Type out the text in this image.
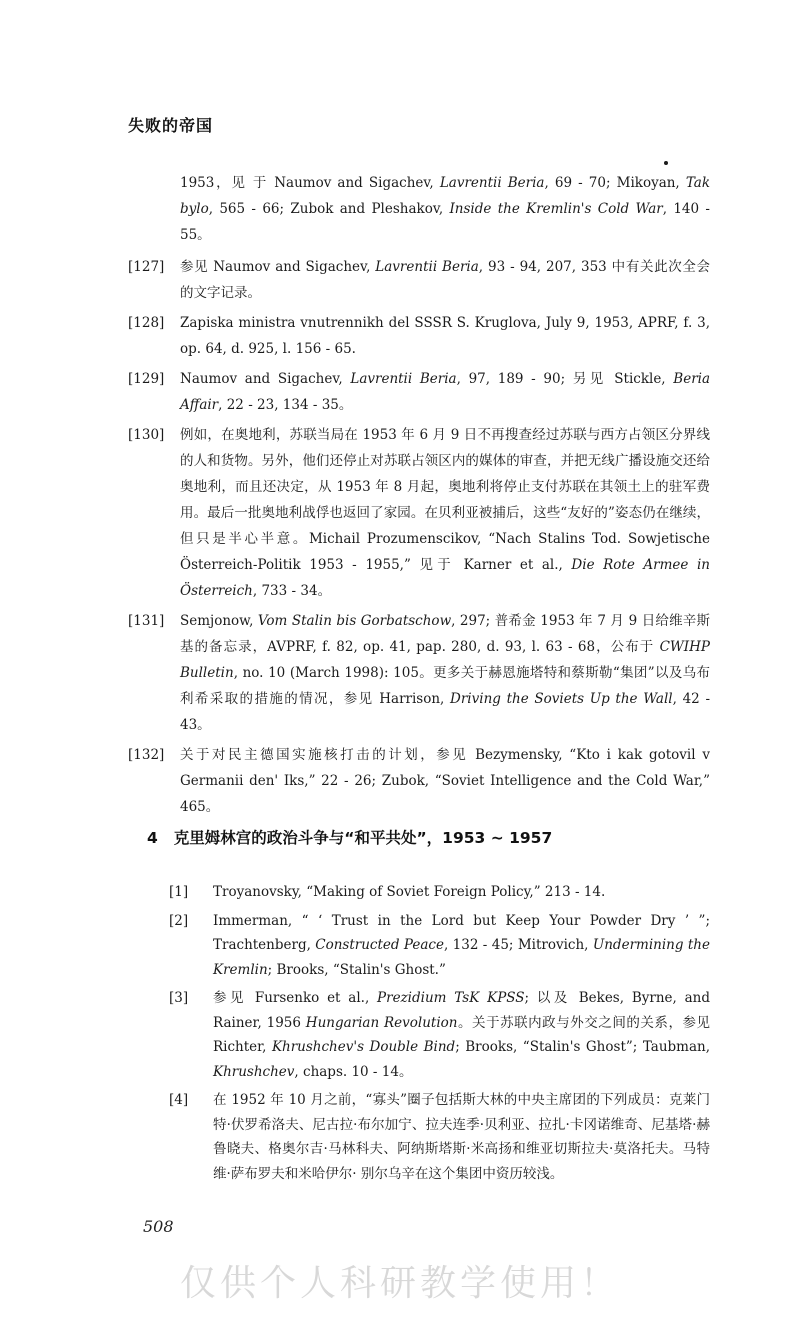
失败的帝国
1953，见 于 Naumov and Sigachev, Lavrentii Beria, 69 - 70; Mikoyan, Tak bylo, 565 - 66; Zubok and Pleshakov, Inside the Kremlin's Cold War, 140 - 55。
[127]	参见 Naumov and Sigachev, Lavrentii Beria, 93 - 94, 207, 353 中有关此次全会的文字记录。
[128]	Zapiska ministra vnutrennikh del SSSR S. Kruglova, July 9, 1953, APRF, f. 3, op. 64, d. 925, l. 156 - 65.
[129]	Naumov and Sigachev, Lavrentii Beria, 97, 189 - 90; 另见 Stickle, Beria Affair, 22 - 23, 134 - 35。
[130]	例如，在奥地利，苏联当局在 1953 年 6 月 9 日不再搜查经过苏联与西方占领区分界线的人和货物。另外，他们还停止对苏联占领区内的媒体的审查，并把无线广播设施交还给奥地利，而且还决定，从 1953 年 8 月起，奥地利将停止支付苏联在其领土上的驻军费用。最后一批奥地利战俘也返回了家园。在贝利亚被捕后，这些“友好的”姿态仍在继续，但只是半心半意。Michail Prozumenscikov, “Nach Stalins Tod. Sowjetische Österreich-Politik 1953 - 1955,” 见于 Karner et al., Die Rote Armee in Österreich, 733 - 34。
[131]	Semjonow, Vom Stalin bis Gorbatschow, 297; 普希金 1953 年 7 月 9 日给维辛斯基的备忘录，AVPRF, f. 82, op. 41, pap. 280, d. 93, l. 63 - 68，公布于 CWIHP Bulletin, no. 10 (March 1998): 105。更多关于赫恩施塔特和蔡斯勒“集团”以及乌布利希采取的措施的情况，参见 Harrison, Driving the Soviets Up the Wall, 42 - 43。
[132]	关于对民主德国实施核打击的计划，参见 Bezymensky, “Kto i kak gotovil v Germanii den' Iks,” 22 - 26; Zubok, “Soviet Intelligence and the Cold War,” 465。
4 克里姆林宫的政治斗争与“和平共处”，1953 ~ 1957
[1]	Troyanovsky, “Making of Soviet Foreign Policy,” 213 - 14.
[2]	Immerman, “ ‘ Trust in the Lord but Keep Your Powder Dry ’ ”; Trachtenberg, Constructed Peace, 132 - 45; Mitrovich, Undermining the Kremlin; Brooks, “Stalin's Ghost.”
[3]	参见 Fursenko et al., Prezidium TsK KPSS; 以及 Bekes, Byrne, and Rainer, 1956 Hungarian Revolution。关于苏联内政与外交之间的关系，参见 Richter, Khrushchev's Double Bind; Brooks, “Stalin's Ghost”; Taubman, Khrushchev, chaps. 10 - 14。
[4]	在 1952 年 10 月之前，“寡头”圈子包括斯大林的中央主席团的下列成员：克莱门特·伏罗希洛夫、尼古拉·布尔加宁、拉夫连季·贝利亚、拉扎·卡冈诺维奇、尼基塔·赫鲁晓夫、格奥尔吉·马林科夫、阿纳斯塔斯·米高扬和维亚切斯拉夫·莫洛托夫。马特维·萨布罗夫和米哈伊尔· 别尔乌辛在这个集团中资历较浅。
508
仅供个人科研教学使用！
